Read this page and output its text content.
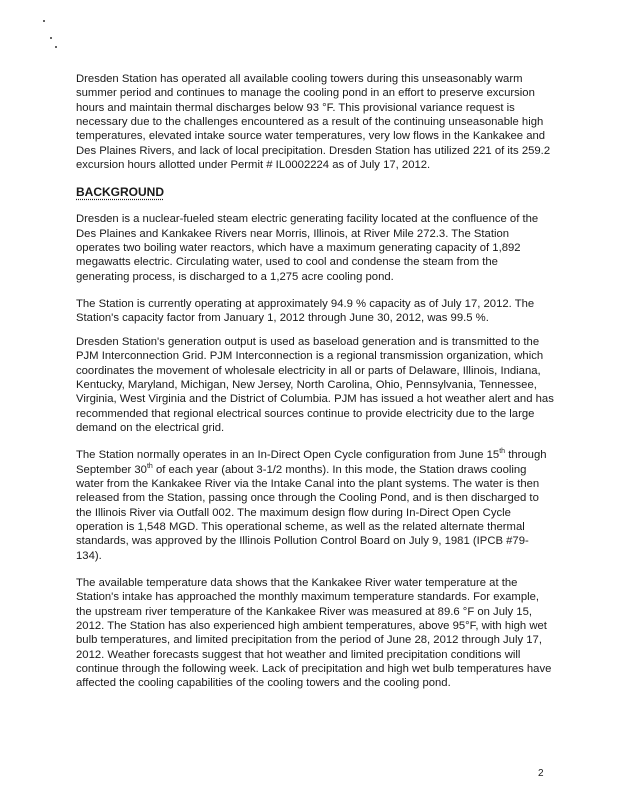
Dresden Station has operated all available cooling towers during this unseasonably warm summer period and continues to manage the cooling pond in an effort to preserve excursion hours and maintain thermal discharges below 93 °F. This provisional variance request is necessary due to the challenges encountered as a result of the continuing unseasonable high temperatures, elevated intake source water temperatures, very low flows in the Kankakee and Des Plaines Rivers, and lack of local precipitation. Dresden Station has utilized 221 of its 259.2 excursion hours allotted under Permit # IL0002224 as of July 17, 2012.

BACKGROUND

Dresden is a nuclear-fueled steam electric generating facility located at the confluence of the Des Plaines and Kankakee Rivers near Morris, Illinois, at River Mile 272.3. The Station operates two boiling water reactors, which have a maximum generating capacity of 1,892 megawatts electric. Circulating water, used to cool and condense the steam from the generating process, is discharged to a 1,275 acre cooling pond.

The Station is currently operating at approximately 94.9 % capacity as of July 17, 2012. The Station's capacity factor from January 1, 2012 through June 30, 2012, was 99.5 %.

Dresden Station's generation output is used as baseload generation and is transmitted to the PJM Interconnection Grid. PJM Interconnection is a regional transmission organization, which coordinates the movement of wholesale electricity in all or parts of Delaware, Illinois, Indiana, Kentucky, Maryland, Michigan, New Jersey, North Carolina, Ohio, Pennsylvania, Tennessee, Virginia, West Virginia and the District of Columbia. PJM has issued a hot weather alert and has recommended that regional electrical sources continue to provide electricity due to the large demand on the electrical grid.

The Station normally operates in an In-Direct Open Cycle configuration from June 15th through September 30th of each year (about 3-1/2 months). In this mode, the Station draws cooling water from the Kankakee River via the Intake Canal into the plant systems. The water is then released from the Station, passing once through the Cooling Pond, and is then discharged to the Illinois River via Outfall 002. The maximum design flow during In-Direct Open Cycle operation is 1,548 MGD. This operational scheme, as well as the related alternate thermal standards, was approved by the Illinois Pollution Control Board on July 9, 1981 (IPCB #79-134).

The available temperature data shows that the Kankakee River water temperature at the Station's intake has approached the monthly maximum temperature standards. For example, the upstream river temperature of the Kankakee River was measured at 89.6 °F on July 15, 2012. The Station has also experienced high ambient temperatures, above 95°F, with high wet bulb temperatures, and limited precipitation from the period of June 28, 2012 through July 17, 2012. Weather forecasts suggest that hot weather and limited precipitation conditions will continue through the following week. Lack of precipitation and high wet bulb temperatures have affected the cooling capabilities of the cooling towers and the cooling pond.

2
